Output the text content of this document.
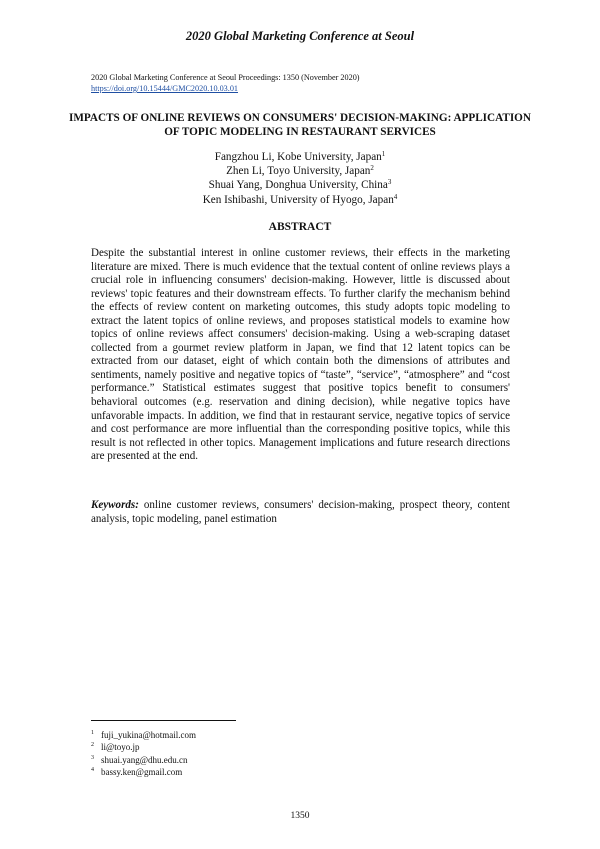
2020 Global Marketing Conference at Seoul
2020 Global Marketing Conference at Seoul Proceedings: 1350 (November 2020)
https://doi.org/10.15444/GMC2020.10.03.01
IMPACTS OF ONLINE REVIEWS ON CONSUMERS' DECISION-MAKING: APPLICATION OF TOPIC MODELING IN RESTAURANT SERVICES
Fangzhou Li, Kobe University, Japan$^1$
Zhen Li, Toyo University, Japan$^2$
Shuai Yang, Donghua University, China$^3$
Ken Ishibashi, University of Hyogo, Japan$^4$
ABSTRACT
Despite the substantial interest in online customer reviews, their effects in the marketing literature are mixed. There is much evidence that the textual content of online reviews plays a crucial role in influencing consumers' decision-making. However, little is discussed about reviews' topic features and their downstream effects. To further clarify the mechanism behind the effects of review content on marketing outcomes, this study adopts topic modeling to extract the latent topics of online reviews, and proposes statistical models to examine how topics of online reviews affect consumers' decision-making. Using a web-scraping dataset collected from a gourmet review platform in Japan, we find that 12 latent topics can be extracted from our dataset, eight of which contain both the dimensions of attributes and sentiments, namely positive and negative topics of “taste”, “service”, “atmosphere” and “cost performance.” Statistical estimates suggest that positive topics benefit to consumers' behavioral outcomes (e.g. reservation and dining decision), while negative topics have unfavorable impacts. In addition, we find that in restaurant service, negative topics of service and cost performance are more influential than the corresponding positive topics, while this result is not reflected in other topics. Management implications and future research directions are presented at the end.
Keywords: online customer reviews, consumers' decision-making, prospect theory, content analysis, topic modeling, panel estimation
$^1$ fuji_yukina@hotmail.com
$^2$ li@toyo.jp
$^3$ shuai.yang@dhu.edu.cn
$^4$ bassy.ken@gmail.com
1350
